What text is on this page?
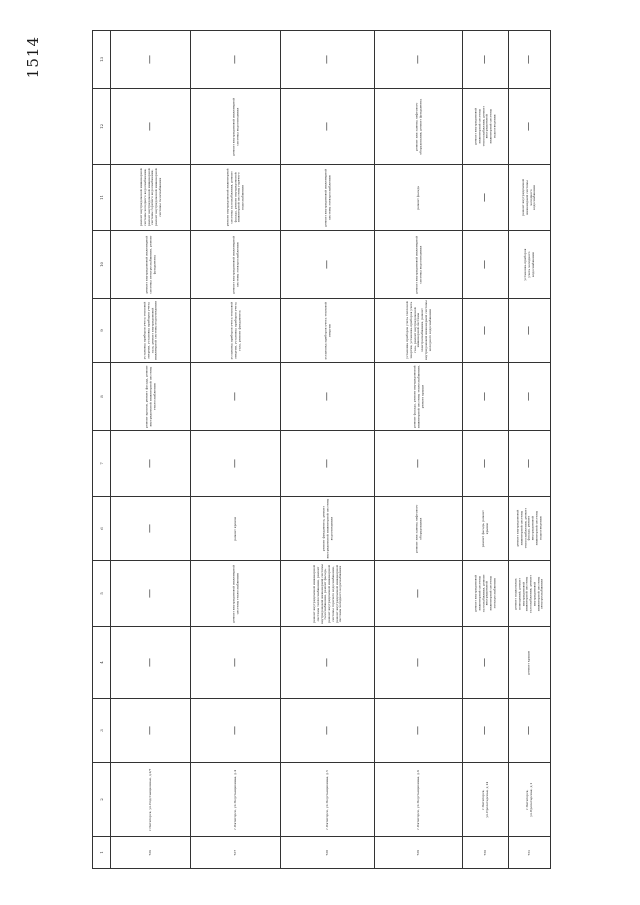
1514	13	—	—	—	—	—	—

12	—	ремонт внутридомовой инженерной системы водоотведения	—	ремонт или замена лифтового оборудования, ремонт фундамента	ремонт внутридомовой инженерной системы теплоснабжения, ремонт внутридомовой инженерной системы водоотведения	—

11	ремонт внутридомовой инженерной системы холодного водоснабжения, ремонт внутридомовой инженерной системы горячего водоснабжения, ремонт внутридомовой инженерной системы газоснабжения	ремонт внутридомовой инженерной системы газоснабжения, ремонт фасада, ремонт внутридомовой инженерной системы горячего водоснабжения	ремонт внутридомовой инженерной системы электроснабжения	ремонт фасада	—	ремонт внутридомовой инженерной системы холодного водоснабжения

10	ремонт внутридомовой инженерной системы электроснабжения, ремонт фундамента	ремонт внутридомовой инженерной системы электроснабжения	—	ремонт внутридомовой инженерной системы водоотведения	—	установка приборов учета холодного водоснабжения

9	установка приборов учета тепловой энергии, установка приборов учета газа, ремонт внутридомовой инженерной системы водоотведения	установка приборов учета тепловой энергии, установка приборов учета газа, ремонт фундамента	установка приборов учета тепловой энергии	установка приборов учета тепловой энергии, установка приборов учета газа, ремонт внутридомовой инженерной системы электроснабжения, ремонт внутридомовой инженерной системы холодного водоснабжения	—	—

8	ремонт кровли, ремонт фасада, ремонт внутридомовой инженерной системы теплоснабжения	—	—	ремонт фасада, ремонт внутридомовой инженерной системы теплоснабжения, ремонт крыши	—	—

7	—	—	—	—	—	—

6	—	ремонт кровли	ремонт фундамента, ремонт внутридомовой инженерной системы водоотведения	ремонт или замена лифтового оборудования	ремонт фасада, ремонт крыши	ремонт внутридомовой инженерной системы теплоснабжения, ремонт фасада, ремонт внутридомовой инженерной системы водоотведения

5	—	ремонт внутридомовой инженерной системы теплоснабжения	ремонт внутридомовой инженерной системы теплоснабжения, ремонт внутридомовой инженерной системы газоснабжения, ремонт фасада, ремонт внутридомовой инженерной системы горячего водоснабжения, ремонт внутридомовой инженерной системы холодного водоснабжения	—	ремонт внутридомовой инженерной системы газоснабжения, ремонт внутридомовой инженерной системы электроснабжения	ремонт подвальных помещений, ремонт внутридомовой инженерной системы газоснабжения, ремонт внутридомовой инженерной системы электроснабжения

4	—	—	—	—	—	ремонт крыши

3	—	—	—	—	—	—

2	г.Пятигорск, ул.Подстанционная, д.2/7	г.Пятигорск, ул.Подстанционная, д.4	г.Пятигорск, ул.Подстанционная, д.5	г.Пятигорск, ул.Подстанционная, д.6	г.Пятигорск, ул.Пролетарская, д.14	г.Пятигорск, ул.Пролетарская, д.1

1	726	727	728	729	730	731
